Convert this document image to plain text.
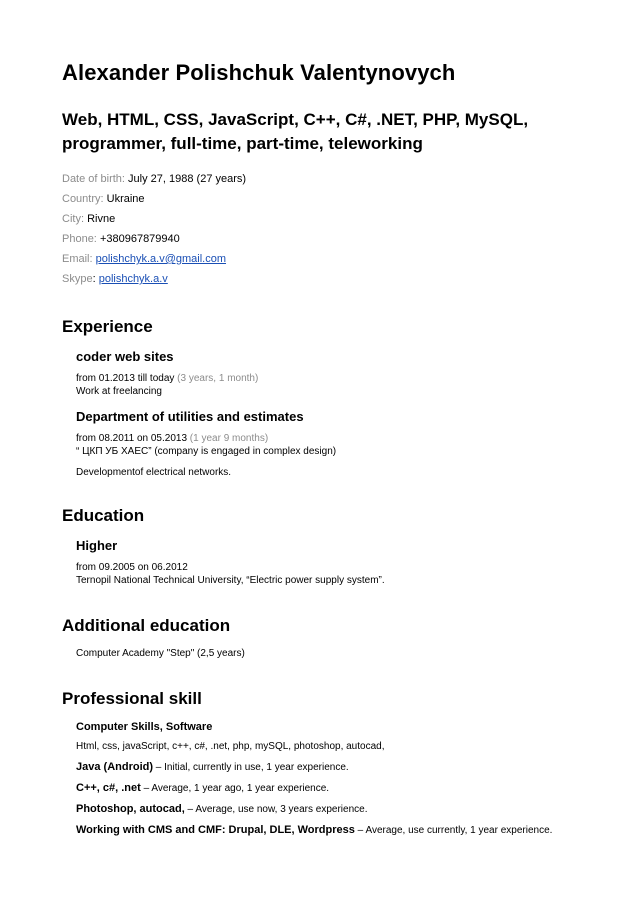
Alexander Polishchuk Valentynovych
Web, HTML, CSS, JavaScript, C++, C#, .NET, PHP, MySQL, programmer, full-time, part-time, teleworking
Date of birth: July 27, 1988 (27 years)
Country: Ukraine
City: Rivne
Phone: +380967879940
Email: polishchyk.a.v@gmail.com
Skype: polishchyk.a.v
Experience
coder web sites
from 01.2013 till today (3 years, 1 month)
Work at freelancing
Department of utilities and estimates
from 08.2011 on 05.2013 (1 year 9 months)
“ ЦКП УБ ХАЕС” (company is engaged in complex design)
Developmentof electrical networks.
Education
Higher
from 09.2005 on 06.2012
Ternopil National Technical University, “Electric power supply system”.
Additional education
Computer Academy "Step" (2,5 years)
Professional skill
Computer Skills, Software
Html, css, javaScript, c++, c#, .net, php, mySQL, photoshop, autocad,
Java (Android) – Initial, currently in use, 1 year experience.
C++, c#, .net – Average, 1 year ago, 1 year experience.
Photoshop, autocad, – Average, use now, 3 years experience.
Working with CMS and CMF: Drupal, DLE, Wordpress – Average, use currently, 1 year experience.
